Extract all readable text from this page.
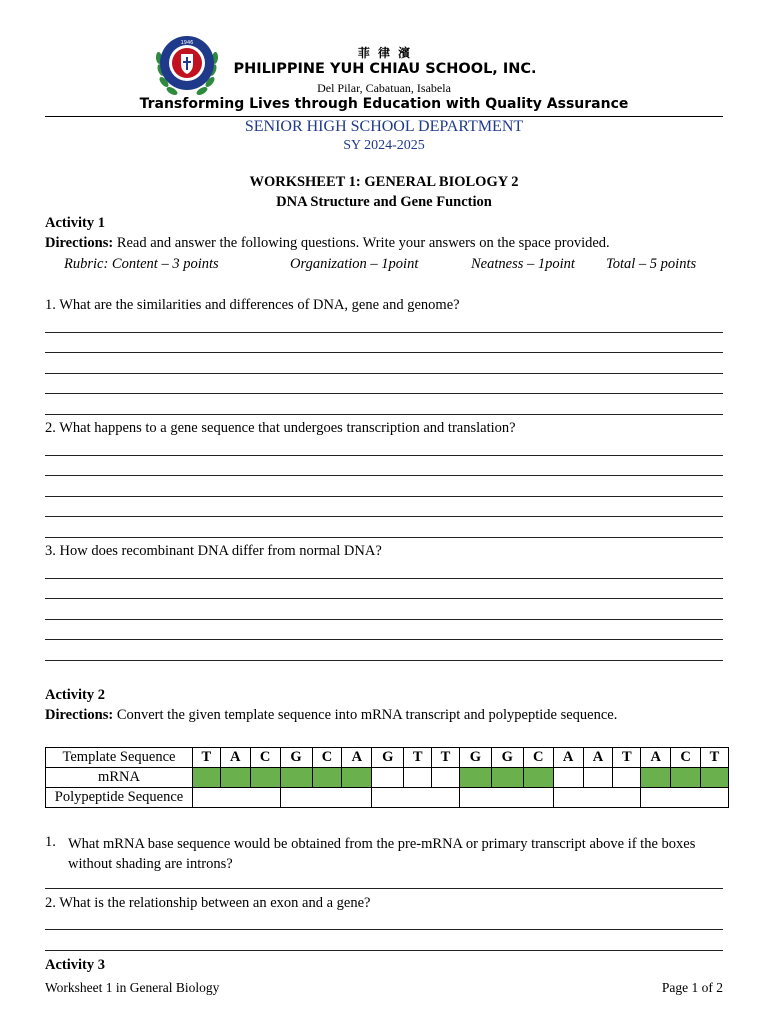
1946
菲 律 濱
PHILIPPINE YUH CHIAU SCHOOL, INC.
Del Pilar, Cabatuan, Isabela
Transforming Lives through Education with Quality Assurance
SENIOR HIGH SCHOOL DEPARTMENT
SY 2024-2025
WORKSHEET 1: GENERAL BIOLOGY 2
DNA Structure and Gene Function
Activity 1
Directions: Read and answer the following questions. Write your answers on the space provided.
Rubric: Content – 3 points	Organization – 1point	Neatness – 1point Total – 5 points
1. What are the similarities and differences of DNA, gene and genome?
2. What happens to a gene sequence that undergoes transcription and translation?
3. How does recombinant DNA differ from normal DNA?
Activity 2
Directions: Convert the given template sequence into mRNA transcript and polypeptide sequence.
Template Sequence	T	A	C	G	C	A	G	T	T	G	G	C	A	A	T	A	C	T
mRNA																		
Polypeptide Sequence																		
1. What mRNA base sequence would be obtained from the pre-mRNA or primary transcript above if the boxes
without shading are introns?
2. What is the relationship between an exon and a gene?
Activity 3
Worksheet 1 in General Biology	Page 1 of 2
